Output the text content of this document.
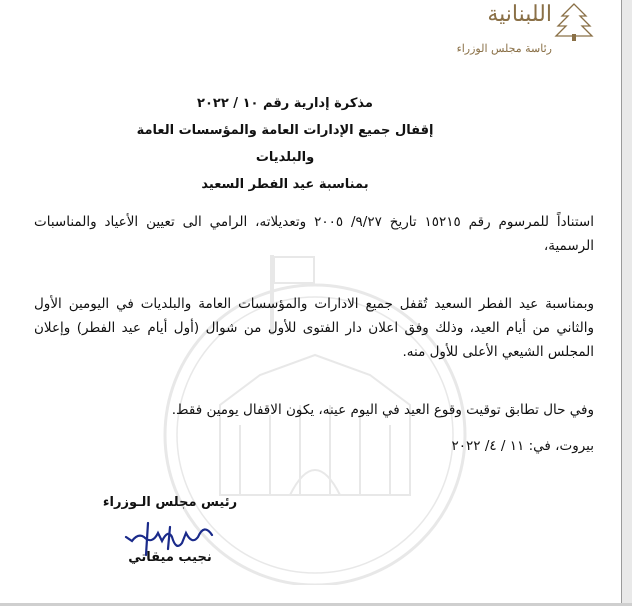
اللبنانية
رئاسة مجلس الوزراء
مذكرة إدارية رقم ١٠ / ٢٠٢٢
إقفال جميع الإدارات العامة والمؤسسات العامة والبلديات
بمناسبة عيد الفطر السعيد
استناداً للمرسوم رقم ١٥٢١٥ تاريخ ٩/٢٧/ ٢٠٠٥ وتعديلاته، الرامي الى تعيين الأعياد والمناسبات الرسمية،
وبمناسبة عيد الفطر السعيد تُقفل جميع الادارات والمؤسسات العامة والبلديات في اليومين الأول والثاني من أيام العيد، وذلك وفق اعلان دار الفتوى للأول من شوال (أول أيام عيد الفطر) وإعلان المجلس الشيعي الأعلى للأول منه.
وفي حال تطابق توقيت وقوع العيد في اليوم عينه، يكون الاقفال يومين فقط.
بيروت، في: ١١ / ٤/ ٢٠٢٢
رئيس مجلس الـوزراء
نجيب ميقاتي
